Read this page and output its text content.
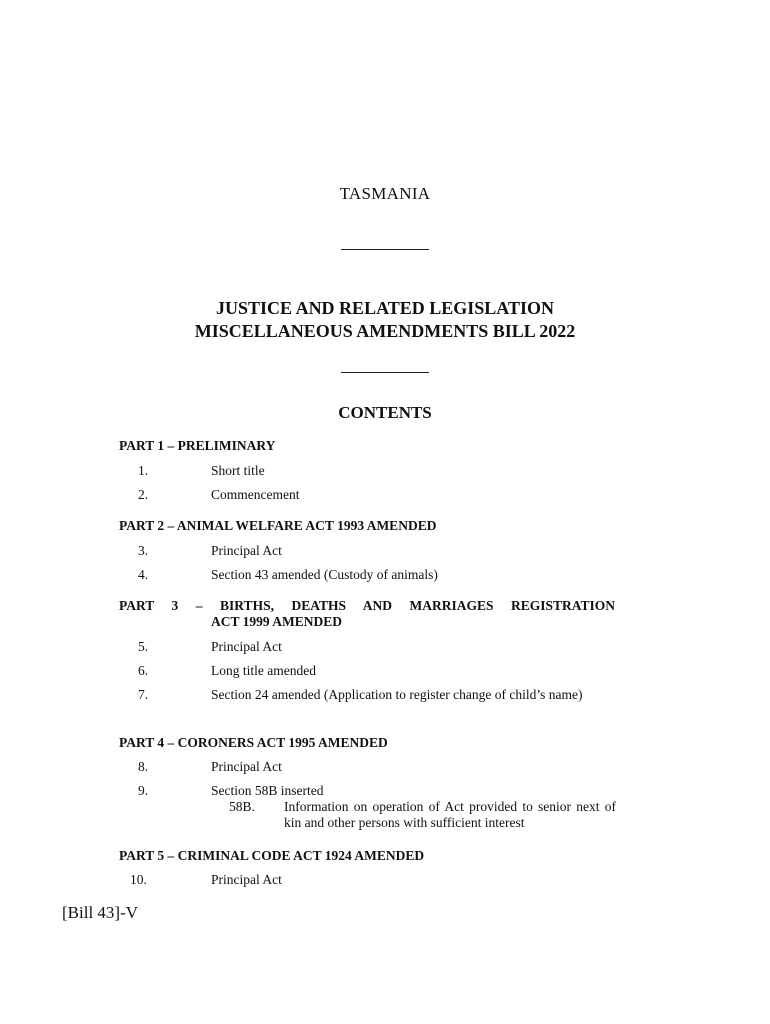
TASMANIA
JUSTICE AND RELATED LEGISLATION
MISCELLANEOUS AMENDMENTS BILL 2022
CONTENTS
PART 1 – PRELIMINARY
1.	Short title
2.	Commencement
PART 2 – ANIMAL WELFARE ACT 1993 AMENDED
3.	Principal Act
4.	Section 43 amended (Custody of animals)
PART 3 – BIRTHS, DEATHS AND MARRIAGES REGISTRATION
ACT 1999 AMENDED
5.	Principal Act
6.	Long title amended
7.	Section 24 amended (Application to register change of child’s name)
PART 4 – CORONERS ACT 1995 AMENDED
8.	Principal Act
9.	Section 58B inserted
58B. Information on operation of Act provided to senior next of kin and other persons with sufficient interest
PART 5 – CRIMINAL CODE ACT 1924 AMENDED
10.	Principal Act
[Bill 43]-V
